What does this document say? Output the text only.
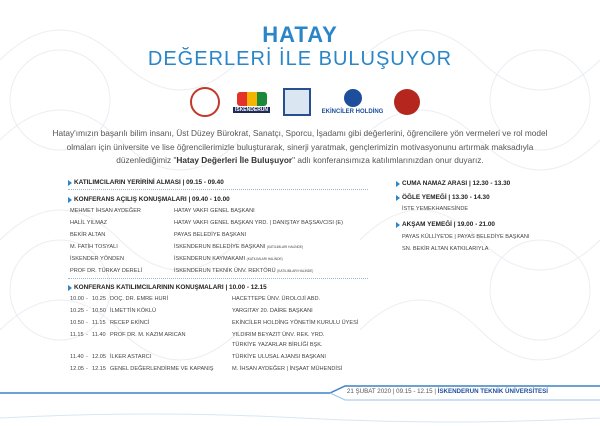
HATAY
DEĞERLERİ İLE BULUŞUYOR
İSKENDERUN	EKİNCİLER HOLDİNG
Hatay'ımızın başarılı bilim insanı, Üst Düzey Bürokrat, Sanatçı, Sporcu, İşadamı gibi değerlerini, öğrencilere yön vermeleri ve rol model
olmaları için üniversite ve lise öğrencilerimizle buluşturarak, sinerji yaratmak, gençlerimizin motivasyonunu artırmak maksadıyla
düzenlediğimiz "Hatay Değerleri İle Buluşuyor" adlı konferansımıza katılımlarınızdan onur duyarız.
KATILIMCILARIN YERİRİNİ ALMASI | 09.15 - 09.40
KONFERANS AÇILIŞ KONUŞMALARI | 09.40 - 10.00
MEHMET İHSAN AYDEĞER	HATAY VAKFI GENEL BAŞKANI
HALİL YILMAZ	HATAY VAKFI GENEL BAŞKAN YRD. | DANIŞTAY BAŞSAVCISI (E)
BEKİR ALTAN	PAYAS BELEDİYE BAŞKANI
M. FATİH TOSYALI	İSKENDERUN BELEDİYE BAŞKANI (KATILIMLARI HALİNDE)
İSKENDER YÖNDEN	İSKENDERUN KAYMAKAMI (KATILIMLARI HALİNDE)
PROF DR. TÜRKAY DERELİ	İSKENDERUN TEKNİK ÜNV. REKTÖRÜ (KATILIMLARI HALİNDE)
KONFERANS KATILIMCILARININ KONUŞMALARI | 10.00 - 12.15
10.00 - 10.25 DOÇ. DR. EMRE HURİ	HACETTEPE ÜNV. ÜROLOJİ ABD.
10.25 - 10.50 İLMETTİN KÖKLÜ	YARGITAY 20. DAİRE BAŞKANI
10.50 - 11.15 RECEP EKİNCİ	EKİNCİLER HOLDİNG YÖNETİM KURULU ÜYESİ
11.15 - 11.40 PROF DR. M. KAZIM ARICAN	YILDIRIM BEYAZIT ÜNV. REK. YRD.
TÜRKİYE YAZARLAR BİRLİĞİ BŞK.
11.40 - 12.05 İLKER ASTARCI	TÜRKİYE ULUSAL AJANSI BAŞKANI
12.05 - 12.15 GENEL DEĞERLENDİRME VE KAPANIŞ	M. İHSAN AYDEĞER | İNŞAAT MÜHENDİSİ
CUMA NAMAZ ARASI | 12.30 - 13.30
ÖĞLE YEMEĞİ | 13.30 - 14.30
İSTE YEMEKHANESİNDE
AKŞAM YEMEĞİ | 19.00 - 21.00
PAYAS KÜLLİYE'DE | PAYAS BELEDİYE BAŞKANI
SN. BEKİR ALTAN KATKILARIYLA
21 ŞUBAT 2020 | 09.15 - 12.15 | İSKENDERUN TEKNİK ÜNİVERSİTESİ
